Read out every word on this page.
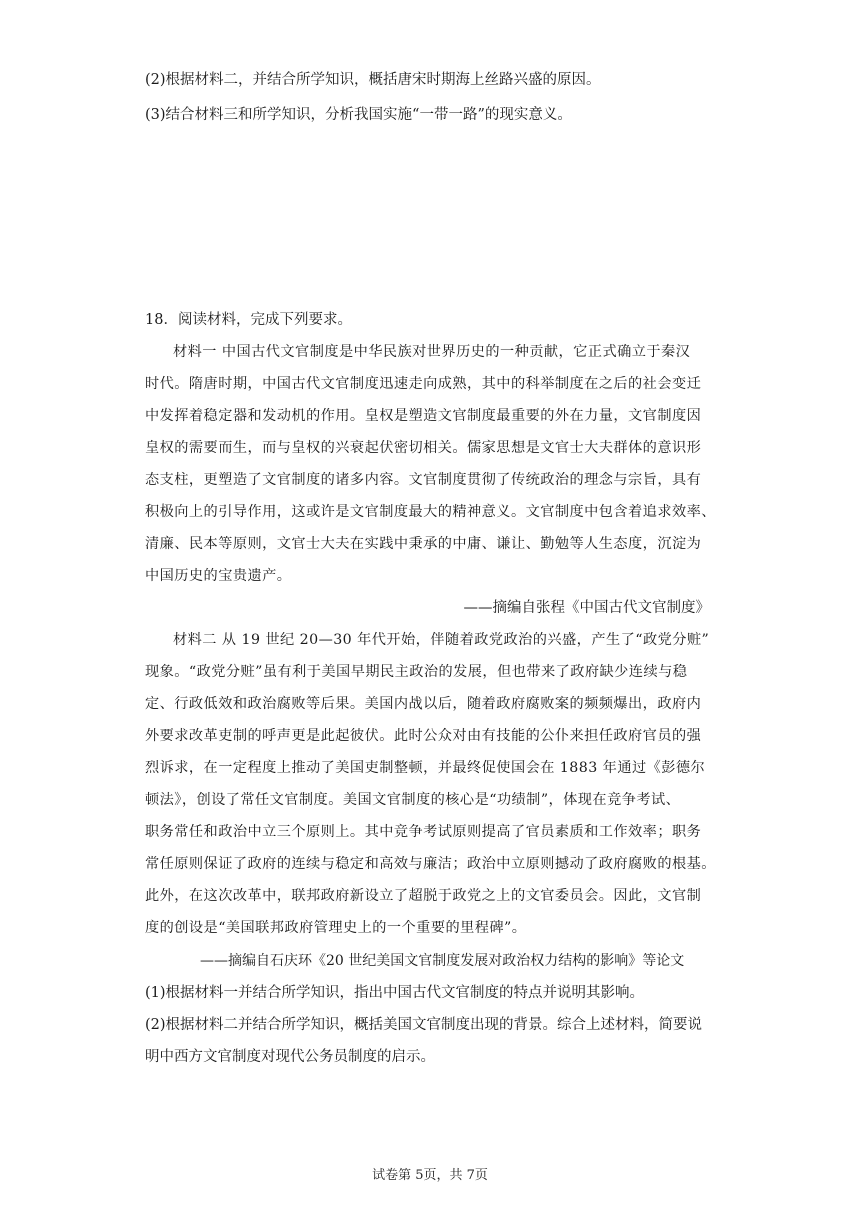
(2)根据材料二，并结合所学知识，概括唐宋时期海上丝路兴盛的原因。
(3)结合材料三和所学知识，分析我国实施“一带一路”的现实意义。
18．阅读材料，完成下列要求。
材料一 中国古代文官制度是中华民族对世界历史的一种贡献，它正式确立于秦汉
时代。隋唐时期，中国古代文官制度迅速走向成熟，其中的科举制度在之后的社会变迁
中发挥着稳定器和发动机的作用。皇权是塑造文官制度最重要的外在力量，文官制度因
皇权的需要而生，而与皇权的兴衰起伏密切相关。儒家思想是文官士大夫群体的意识形
态支柱，更塑造了文官制度的诸多内容。文官制度贯彻了传统政治的理念与宗旨，具有
积极向上的引导作用，这或许是文官制度最大的精神意义。文官制度中包含着追求效率、
清廉、民本等原则，文官士大夫在实践中秉承的中庸、谦让、勤勉等人生态度，沉淀为
中国历史的宝贵遗产。
——摘编自张程《中国古代文官制度》
材料二 从 19 世纪 20—30 年代开始，伴随着政党政治的兴盛，产生了“政党分赃”
现象。“政党分赃”虽有利于美国早期民主政治的发展，但也带来了政府缺少连续与稳
定、行政低效和政治腐败等后果。美国内战以后，随着政府腐败案的频频爆出，政府内
外要求改革吏制的呼声更是此起彼伏。此时公众对由有技能的公仆来担任政府官员的强
烈诉求，在一定程度上推动了美国吏制整顿，并最终促使国会在 1883 年通过《彭德尔
顿法》，创设了常任文官制度。美国文官制度的核心是“功绩制”，体现在竞争考试、
职务常任和政治中立三个原则上。其中竞争考试原则提高了官员素质和工作效率；职务
常任原则保证了政府的连续与稳定和高效与廉洁；政治中立原则撼动了政府腐败的根基。
此外，在这次改革中，联邦政府新设立了超脱于政党之上的文官委员会。因此，文官制
度的创设是“美国联邦政府管理史上的一个重要的里程碑”。
——摘编自石庆环《20 世纪美国文官制度发展对政治权力结构的影响》等论文
(1)根据材料一并结合所学知识，指出中国古代文官制度的特点并说明其影响。
(2)根据材料二并结合所学知识，概括美国文官制度出现的背景。综合上述材料，简要说
明中西方文官制度对现代公务员制度的启示。
试卷第 5页，共 7页
